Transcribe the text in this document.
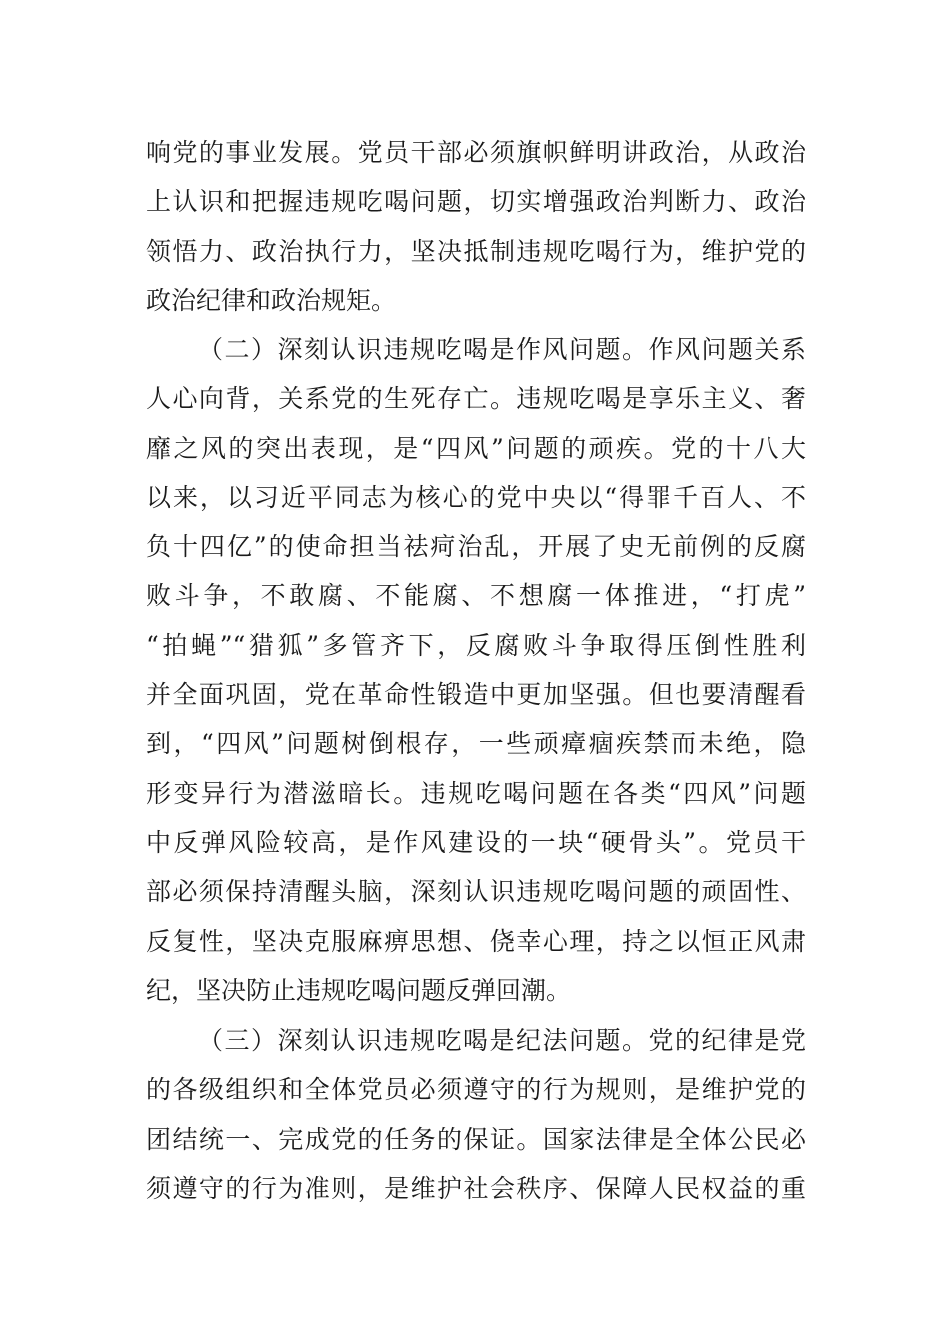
响党的事业发展。党员干部必须旗帜鲜明讲政治，从政治
上认识和把握违规吃喝问题，切实增强政治判断力、政治
领悟力、政治执行力，坚决抵制违规吃喝行为，维护党的
政治纪律和政治规矩。
（二）深刻认识违规吃喝是作风问题。作风问题关系
人心向背，关系党的生死存亡。违规吃喝是享乐主义、奢
靡之风的突出表现，是“四风”问题的顽疾。党的十八大
以来，以习近平同志为核心的党中央以“得罪千百人、不
负十四亿”的使命担当祛疴治乱，开展了史无前例的反腐
败斗争，不敢腐、不能腐、不想腐一体推进，“打虎”
“拍蝇”“猎狐”多管齐下，反腐败斗争取得压倒性胜利
并全面巩固，党在革命性锻造中更加坚强。但也要清醒看
到，“四风”问题树倒根存，一些顽瘴痼疾禁而未绝，隐
形变异行为潜滋暗长。违规吃喝问题在各类“四风”问题
中反弹风险较高，是作风建设的一块“硬骨头”。党员干
部必须保持清醒头脑，深刻认识违规吃喝问题的顽固性、
反复性，坚决克服麻痹思想、侥幸心理，持之以恒正风肃
纪，坚决防止违规吃喝问题反弹回潮。
（三）深刻认识违规吃喝是纪法问题。党的纪律是党
的各级组织和全体党员必须遵守的行为规则，是维护党的
团结统一、完成党的任务的保证。国家法律是全体公民必
须遵守的行为准则，是维护社会秩序、保障人民权益的重
